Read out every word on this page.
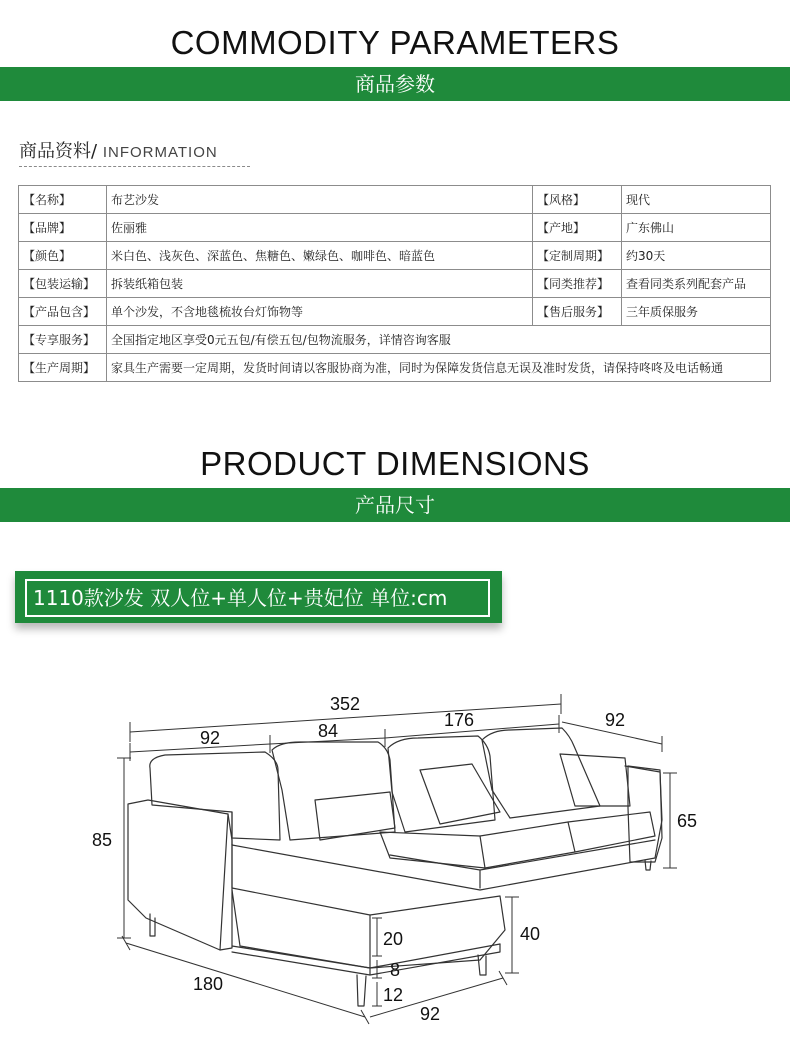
COMMODITY PARAMETERS
商品参数
商品资料/ INFORMATION
【名称】	布艺沙发	【风格】	现代
【品牌】	佐丽雅	【产地】	广东佛山
【颜色】	米白色、浅灰色、深蓝色、焦糖色、嫩绿色、咖啡色、暗蓝色	【定制周期】	约30天
【包装运输】	拆装纸箱包装	【同类推荐】	查看同类系列配套产品
【产品包含】	单个沙发，不含地毯梳妆台灯饰物等	【售后服务】	三年质保服务
【专享服务】	全国指定地区享受0元五包/有偿五包/包物流服务，详情咨询客服		
【生产周期】	家具生产需要一定周期，发货时间请以客服协商为准，同时为保障发货信息无误及准时发货，请保持咚咚及电话畅通		
PRODUCT DIMENSIONS
产品尺寸
1110款沙发 双人位+单人位+贵妃位 单位:cm
352
92	84
176	92
85
65
40
20
8
12
180
92
